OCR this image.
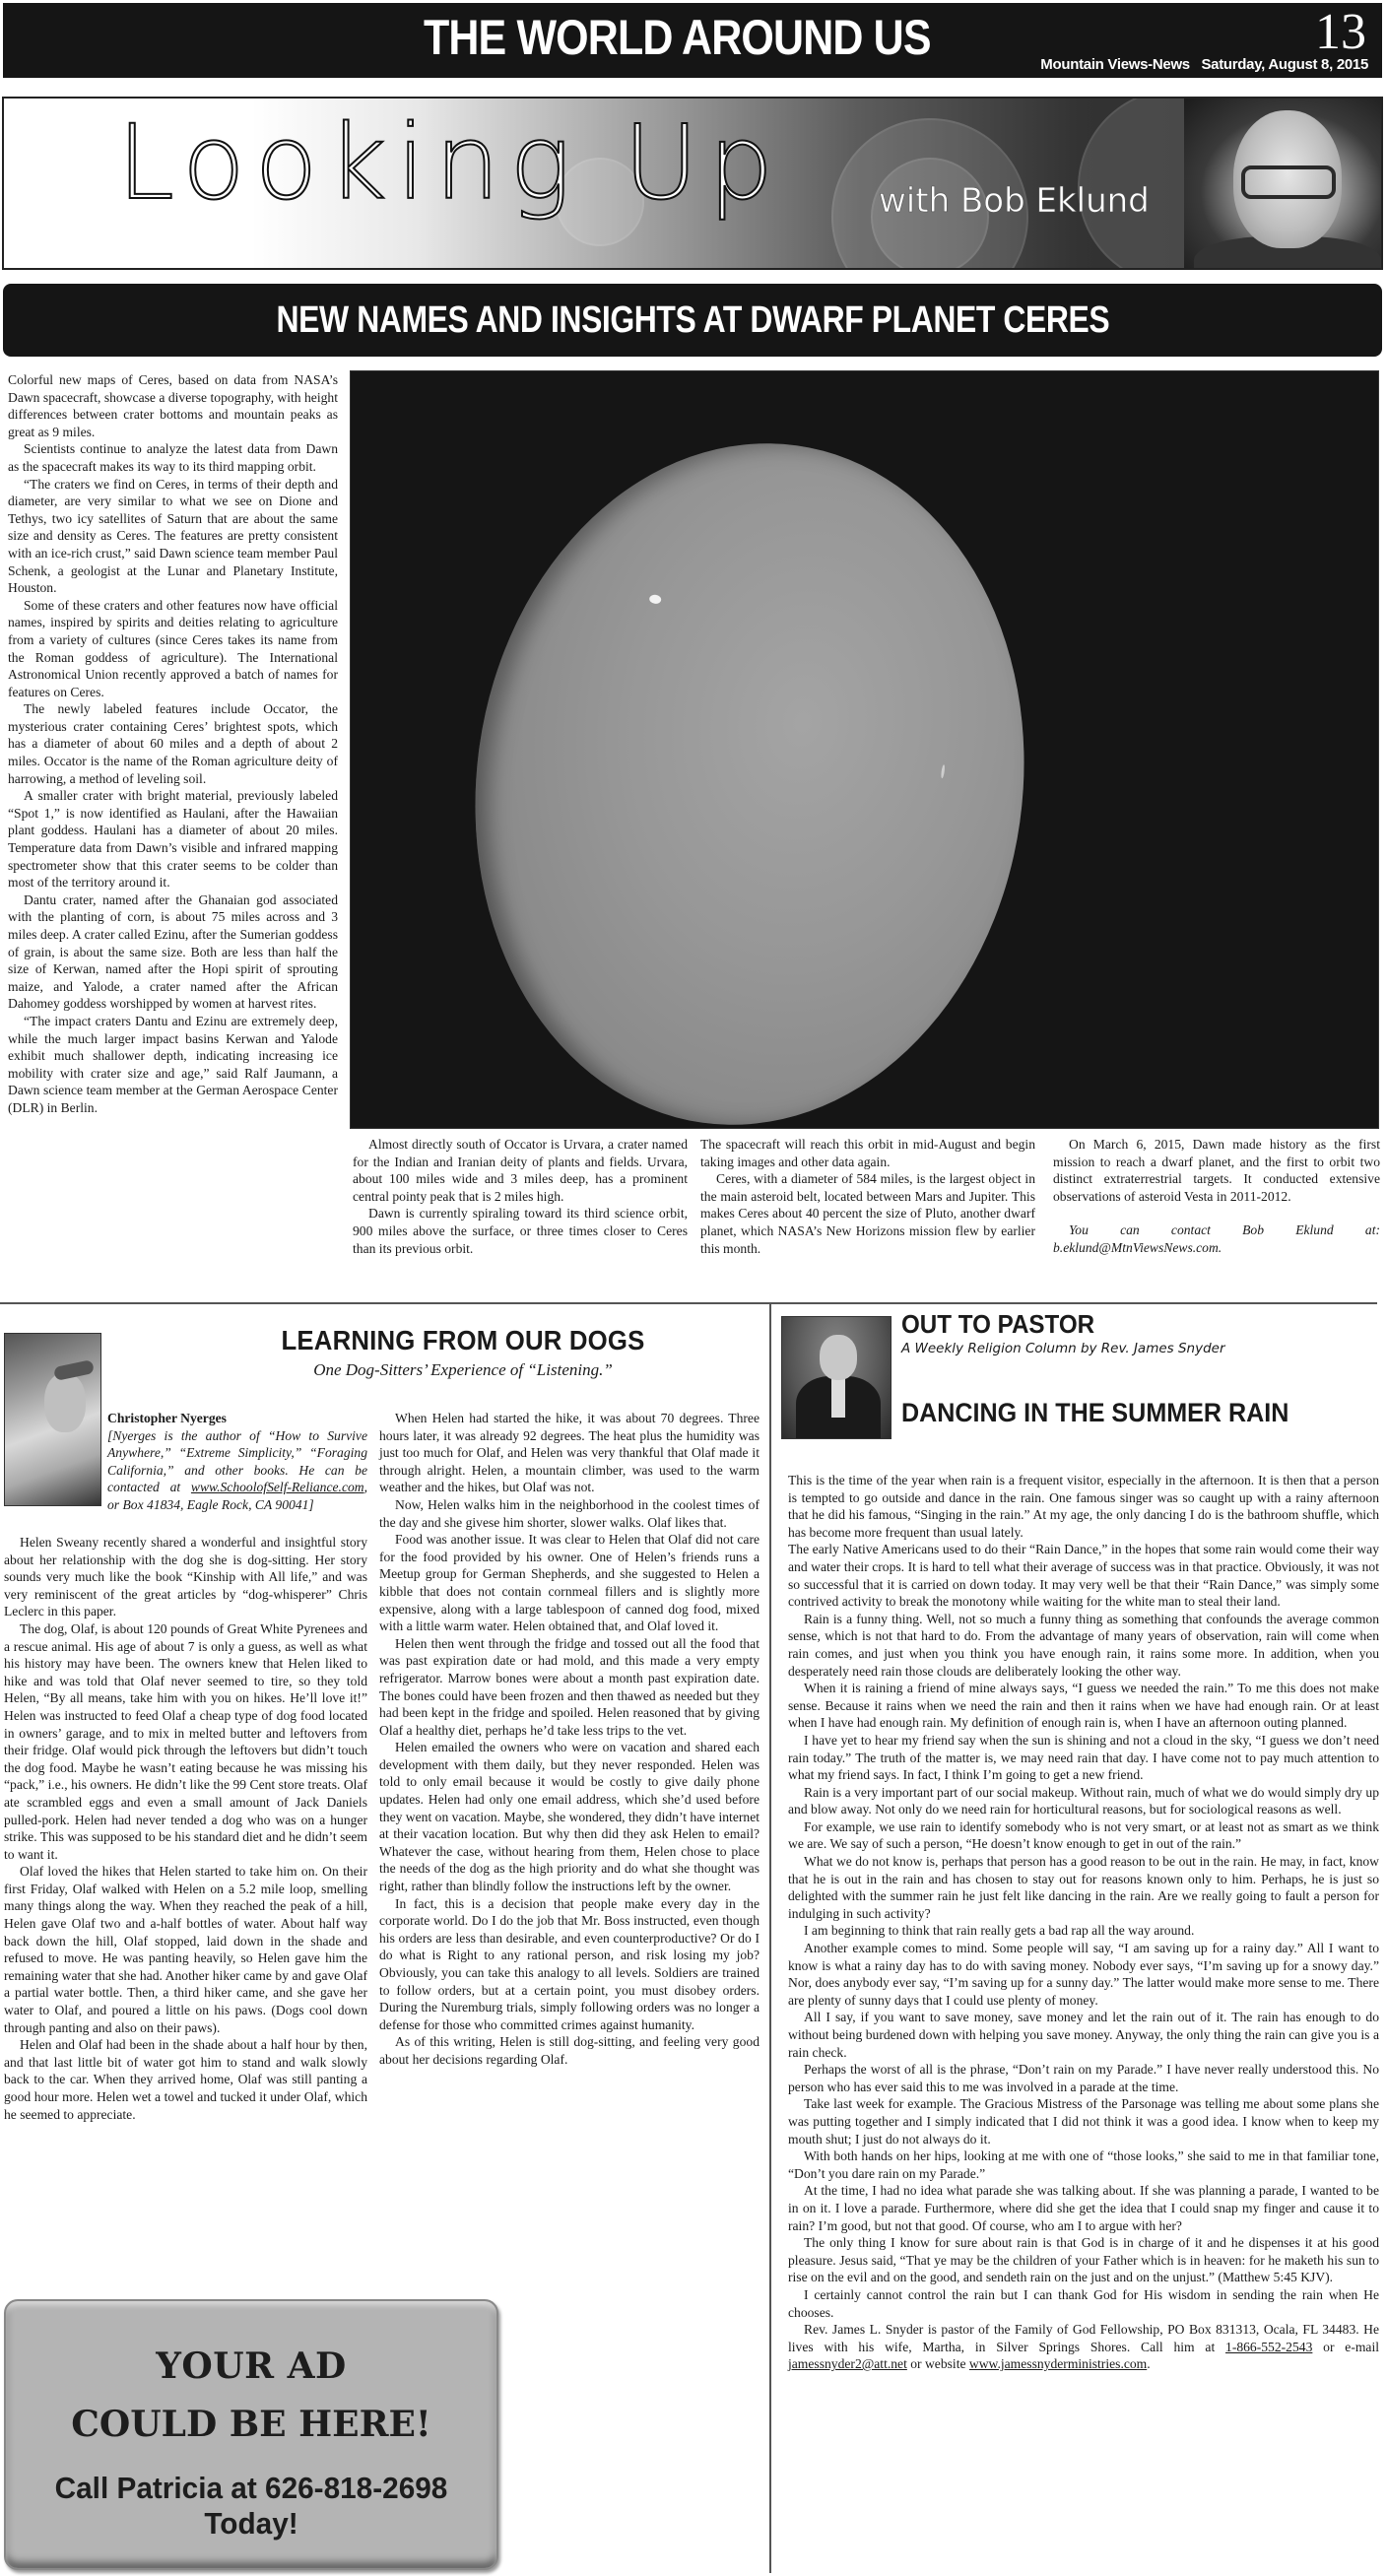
THE WORLD AROUND US	13
Mountain Views-News Saturday, August 8, 2015
Looking Up	with Bob Eklund
NEW NAMES AND INSIGHTS AT DWARF PLANET CERES

Colorful new maps of Ceres, based on data from NASA’s Dawn spacecraft, showcase a diverse topography, with height differences between crater bottoms and mountain peaks as great as 9 miles.

Scientists continue to analyze the latest data from Dawn as the spacecraft makes its way to its third mapping orbit.

“The craters we find on Ceres, in terms of their depth and diameter, are very similar to what we see on Dione and Tethys, two icy satellites of Saturn that are about the same size and density as Ceres. The features are pretty consistent with an ice-rich crust,” said Dawn science team member Paul Schenk, a geologist at the Lunar and Planetary Institute, Houston.

Some of these craters and other features now have official names, inspired by spirits and deities relating to agriculture from a variety of cultures (since Ceres takes its name from the Roman goddess of agriculture). The International Astronomical Union recently approved a batch of names for features on Ceres.

The newly labeled features include Occator, the mysterious crater containing Ceres’ brightest spots, which has a diameter of about 60 miles and a depth of about 2 miles. Occator is the name of the Roman agriculture deity of harrowing, a method of leveling soil.

A smaller crater with bright material, previously labeled “Spot 1,” is now identified as Haulani, after the Hawaiian plant goddess. Haulani has a diameter of about 20 miles. Temperature data from Dawn’s visible and infrared mapping spectrometer show that this crater seems to be colder than most of the territory around it.

Dantu crater, named after the Ghanaian god associated with the planting of corn, is about 75 miles across and 3 miles deep. A crater called Ezinu, after the Sumerian goddess of grain, is about the same size. Both are less than half the size of Kerwan, named after the Hopi spirit of sprouting maize, and Yalode, a crater named after the African Dahomey goddess worshipped by women at harvest rites.

“The impact craters Dantu and Ezinu are extremely deep, while the much larger impact basins Kerwan and Yalode exhibit much shallower depth, indicating increasing ice mobility with crater size and age,” said Ralf Jaumann, a Dawn science team member at the German Aerospace Center (DLR) in Berlin.

Almost directly south of Occator is Urvara, a crater named for the Indian and Iranian deity of plants and fields. Urvara, about 100 miles wide and 3 miles deep, has a prominent central pointy peak that is 2 miles high.

Dawn is currently spiraling toward its third science orbit, 900 miles above the surface, or three times closer to Ceres than its previous orbit.

The spacecraft will reach this orbit in mid-August and begin taking images and other data again.

Ceres, with a diameter of 584 miles, is the largest object in the main asteroid belt, located between Mars and Jupiter. This makes Ceres about 40 percent the size of Pluto, another dwarf planet, which NASA’s New Horizons mission flew by earlier this month.

On March 6, 2015, Dawn made history as the first mission to reach a dwarf planet, and the first to orbit two distinct extraterrestrial targets. It conducted extensive observations of asteroid Vesta in 2011-2012.

You can contact Bob Eklund at: b.eklund@MtnViewsNews.com.

LEARNING FROM OUR DOGS
One Dog-Sitters’ Experience of “Listening.”
Christopher Nyerges
[Nyerges is the author of “How to Survive Anywhere,” “Extreme Simplicity,” “Foraging California,” and other books. He can be contacted at www.SchoolofSelf-Reliance.com, or Box 41834, Eagle Rock, CA 90041]

Helen Sweany recently shared a wonderful and insightful story about her relationship with the dog she is dog-sitting. Her story sounds very much like the book “Kinship with All life,” and was very reminiscent of the great articles by “dog-whisperer” Chris Leclerc in this paper.

The dog, Olaf, is about 120 pounds of Great White Pyrenees and a rescue animal. His age of about 7 is only a guess, as well as what his history may have been. The owners knew that Helen liked to hike and was told that Olaf never seemed to tire, so they told Helen, “By all means, take him with you on hikes. He’ll love it!” Helen was instructed to feed Olaf a cheap type of dog food located in owners’ garage, and to mix in melted butter and leftovers from their fridge. Olaf would pick through the leftovers but didn’t touch the dog food. Maybe he wasn’t eating because he was missing his “pack,” i.e., his owners. He didn’t like the 99 Cent store treats. Olaf ate scrambled eggs and even a small amount of Jack Daniels pulled-pork. Helen had never tended a dog who was on a hunger strike. This was supposed to be his standard diet and he didn’t seem to want it.

Olaf loved the hikes that Helen started to take him on. On their first Friday, Olaf walked with Helen on a 5.2 mile loop, smelling many things along the way. When they reached the peak of a hill, Helen gave Olaf two and a-half bottles of water. About half way back down the hill, Olaf stopped, laid down in the shade and refused to move. He was panting heavily, so Helen gave him the remaining water that she had. Another hiker came by and gave Olaf a partial water bottle. Then, a third hiker came, and she gave her water to Olaf, and poured a little on his paws. (Dogs cool down through panting and also on their paws).

Helen and Olaf had been in the shade about a half hour by then, and that last little bit of water got him to stand and walk slowly back to the car. When they arrived home, Olaf was still panting a good hour more. Helen wet a towel and tucked it under Olaf, which he seemed to appreciate.

When Helen had started the hike, it was about 70 degrees. Three hours later, it was already 92 degrees. The heat plus the humidity was just too much for Olaf, and Helen was very thankful that Olaf made it through alright. Helen, a mountain climber, was used to the warm weather and the hikes, but Olaf was not.

Now, Helen walks him in the neighborhood in the coolest times of the day and she givese him shorter, slower walks. Olaf likes that.

Food was another issue. It was clear to Helen that Olaf did not care for the food provided by his owner. One of Helen’s friends runs a Meetup group for German Shepherds, and she suggested to Helen a kibble that does not contain cornmeal fillers and is slightly more expensive, along with a large tablespoon of canned dog food, mixed with a little warm water. Helen obtained that, and Olaf loved it.

Helen then went through the fridge and tossed out all the food that was past expiration date or had mold, and this made a very empty refrigerator. Marrow bones were about a month past expiration date. The bones could have been frozen and then thawed as needed but they had been kept in the fridge and spoiled. Helen reasoned that by giving Olaf a healthy diet, perhaps he’d take less trips to the vet.

Helen emailed the owners who were on vacation and shared each development with them daily, but they never responded. Helen was told to only email because it would be costly to give daily phone updates. Helen had only one email address, which she’d used before they went on vacation. Maybe, she wondered, they didn’t have internet at their vacation location. But why then did they ask Helen to email? Whatever the case, without hearing from them, Helen chose to place the needs of the dog as the high priority and do what she thought was right, rather than blindly follow the instructions left by the owner.

In fact, this is a decision that people make every day in the corporate world. Do I do the job that Mr. Boss instructed, even though his orders are less than desirable, and even counterproductive? Or do I do what is Right to any rational person, and risk losing my job? Obviously, you can take this analogy to all levels. Soldiers are trained to follow orders, but at a certain point, you must disobey orders. During the Nuremburg trials, simply following orders was no longer a defense for those who committed crimes against humanity.

As of this writing, Helen is still dog-sitting, and feeling very good about her decisions regarding Olaf.

YOUR AD
COULD BE HERE!
Call Patricia at 626-818-2698 Today!
OUT TO PASTOR
A Weekly Religion Column by Rev. James Snyder
DANCING IN THE SUMMER RAIN

This is the time of the year when rain is a frequent visitor, especially in the afternoon. It is then that a person is tempted to go outside and dance in the rain. One famous singer was so caught up with a rainy afternoon that he did his famous, “Singing in the rain.” At my age, the only dancing I do is the bathroom shuffle, which has become more frequent than usual lately.

The early Native Americans used to do their “Rain Dance,” in the hopes that some rain would come their way and water their crops. It is hard to tell what their average of success was in that practice. Obviously, it was not so successful that it is carried on down today. It may very well be that their “Rain Dance,” was simply some contrived activity to break the monotony while waiting for the white man to steal their land.

Rain is a funny thing. Well, not so much a funny thing as something that confounds the average common sense, which is not that hard to do. From the advantage of many years of observation, rain will come when rain comes, and just when you think you have enough rain, it rains some more. In addition, when you desperately need rain those clouds are deliberately looking the other way.

When it is raining a friend of mine always says, “I guess we needed the rain.” To me this does not make sense. Because it rains when we need the rain and then it rains when we have had enough rain. Or at least when I have had enough rain. My definition of enough rain is, when I have an afternoon outing planned.

I have yet to hear my friend say when the sun is shining and not a cloud in the sky, “I guess we don’t need rain today.” The truth of the matter is, we may need rain that day. I have come not to pay much attention to what my friend says. In fact, I think I’m going to get a new friend.

Rain is a very important part of our social makeup. Without rain, much of what we do would simply dry up and blow away. Not only do we need rain for horticultural reasons, but for sociological reasons as well.

For example, we use rain to identify somebody who is not very smart, or at least not as smart as we think we are. We say of such a person, “He doesn’t know enough to get in out of the rain.”

What we do not know is, perhaps that person has a good reason to be out in the rain. He may, in fact, know that he is out in the rain and has chosen to stay out for reasons known only to him. Perhaps, he is just so delighted with the summer rain he just felt like dancing in the rain. Are we really going to fault a person for indulging in such activity?

I am beginning to think that rain really gets a bad rap all the way around.

Another example comes to mind. Some people will say, “I am saving up for a rainy day.” All I want to know is what a rainy day has to do with saving money. Nobody ever says, “I’m saving up for a snowy day.” Nor, does anybody ever say, “I’m saving up for a sunny day.” The latter would make more sense to me. There are plenty of sunny days that I could use plenty of money.

All I say, if you want to save money, save money and let the rain out of it. The rain has enough to do without being burdened down with helping you save money. Anyway, the only thing the rain can give you is a rain check.

Perhaps the worst of all is the phrase, “Don’t rain on my Parade.” I have never really understood this. No person who has ever said this to me was involved in a parade at the time.

Take last week for example. The Gracious Mistress of the Parsonage was telling me about some plans she was putting together and I simply indicated that I did not think it was a good idea. I know when to keep my mouth shut; I just do not always do it.

With both hands on her hips, looking at me with one of “those looks,” she said to me in that familiar tone, “Don’t you dare rain on my Parade.”

At the time, I had no idea what parade she was talking about. If she was planning a parade, I wanted to be in on it. I love a parade. Furthermore, where did she get the idea that I could snap my finger and cause it to rain? I’m good, but not that good. Of course, who am I to argue with her?

The only thing I know for sure about rain is that God is in charge of it and he dispenses it at his good pleasure. Jesus said, “That ye may be the children of your Father which is in heaven: for he maketh his sun to rise on the evil and on the good, and sendeth rain on the just and on the unjust.” (Matthew 5:45 KJV).

I certainly cannot control the rain but I can thank God for His wisdom in sending the rain when He chooses.

Rev. James L. Snyder is pastor of the Family of God Fellowship, PO Box 831313, Ocala, FL 34483. He lives with his wife, Martha, in Silver Springs Shores. Call him at 1-866-552-2543 or e-mail jamessnyder2@att.net or website www.jamessnyderministries.com.
